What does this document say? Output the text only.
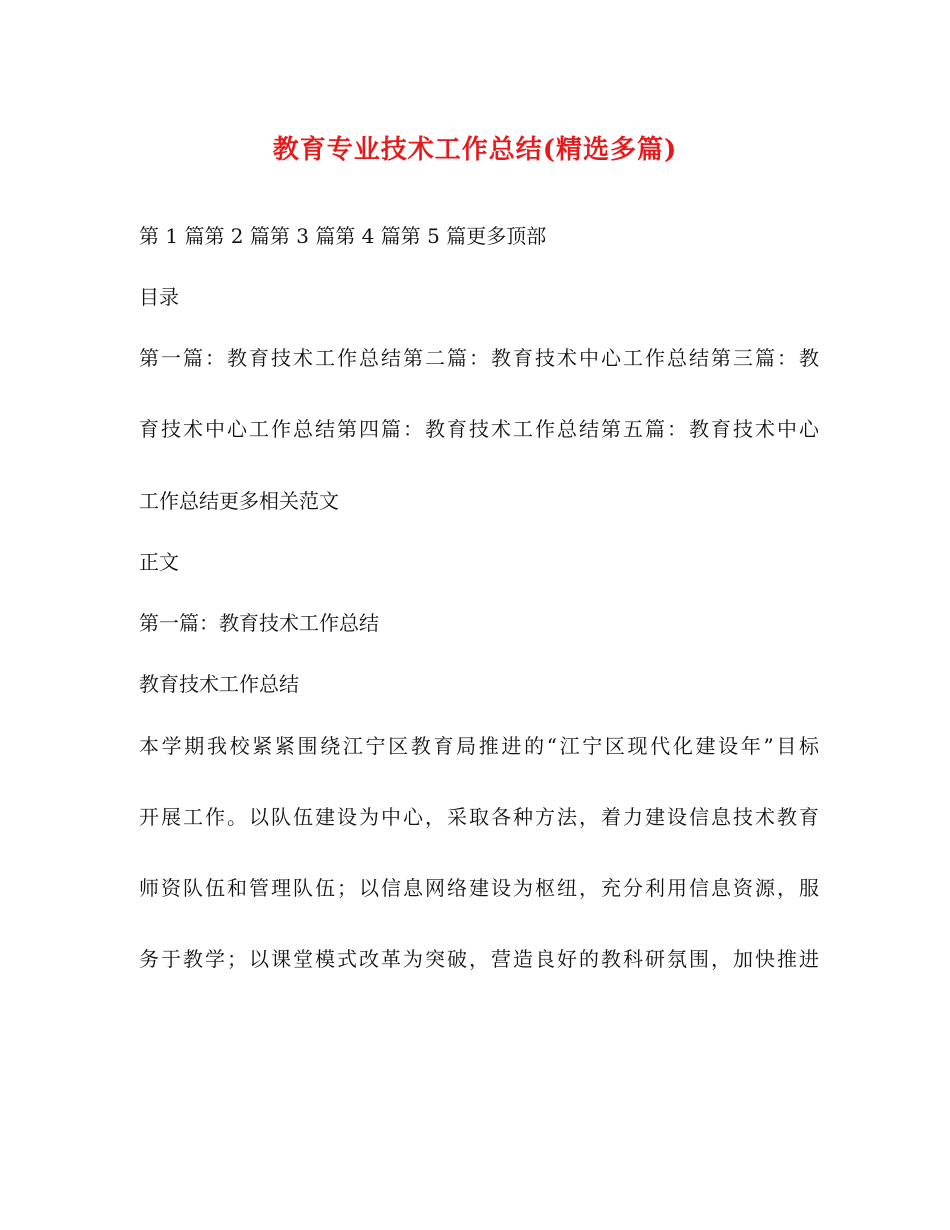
教育专业技术工作总结(精选多篇)
第 1 篇第 2 篇第 3 篇第 4 篇第 5 篇更多顶部
目录
第一篇：教育技术工作总结第二篇：教育技术中心工作总结第三篇：教
育技术中心工作总结第四篇：教育技术工作总结第五篇：教育技术中心
工作总结更多相关范文
正文
第一篇：教育技术工作总结
教育技术工作总结
本学期我校紧紧围绕江宁区教育局推进的“江宁区现代化建设年”目标
开展工作。以队伍建设为中心，采取各种方法，着力建设信息技术教育
师资队伍和管理队伍；以信息网络建设为枢纽，充分利用信息资源，服
务于教学；以课堂模式改革为突破，营造良好的教科研氛围，加快推进
